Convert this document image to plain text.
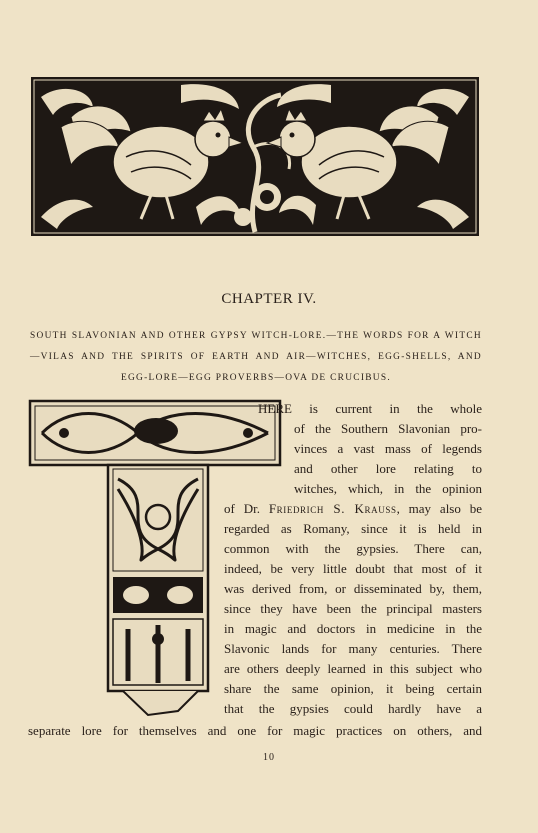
CHAPTER IV.
SOUTH SLAVONIAN AND OTHER GYPSY WITCH-LORE.—THE WORDS FOR A WITCH—VILAS AND THE SPIRITS OF EARTH AND AIR—WITCHES, EGG-SHELLS, AND EGG-LORE—EGG PROVERBS—OVA DE CRUCIBUS.
HERE is current in the whole
of the Southern Slavonian pro-
vinces a vast mass of legends
and other lore relating to
witches, which, in the opinion
of Dr. Friedrich S. Krauss, may also be
regarded as Romany, since it is held in
common with the gypsies. There can,
indeed, be very little doubt that most of it
was derived from, or disseminated by, them,
since they have been the principal masters
in magic and doctors in medicine in the
Slavonic lands for many centuries. There
are others deeply learned in this subject who
share the same opinion, it being certain
that the gypsies could hardly have a
separate lore for themselves and one for magic practices on others, and
10
